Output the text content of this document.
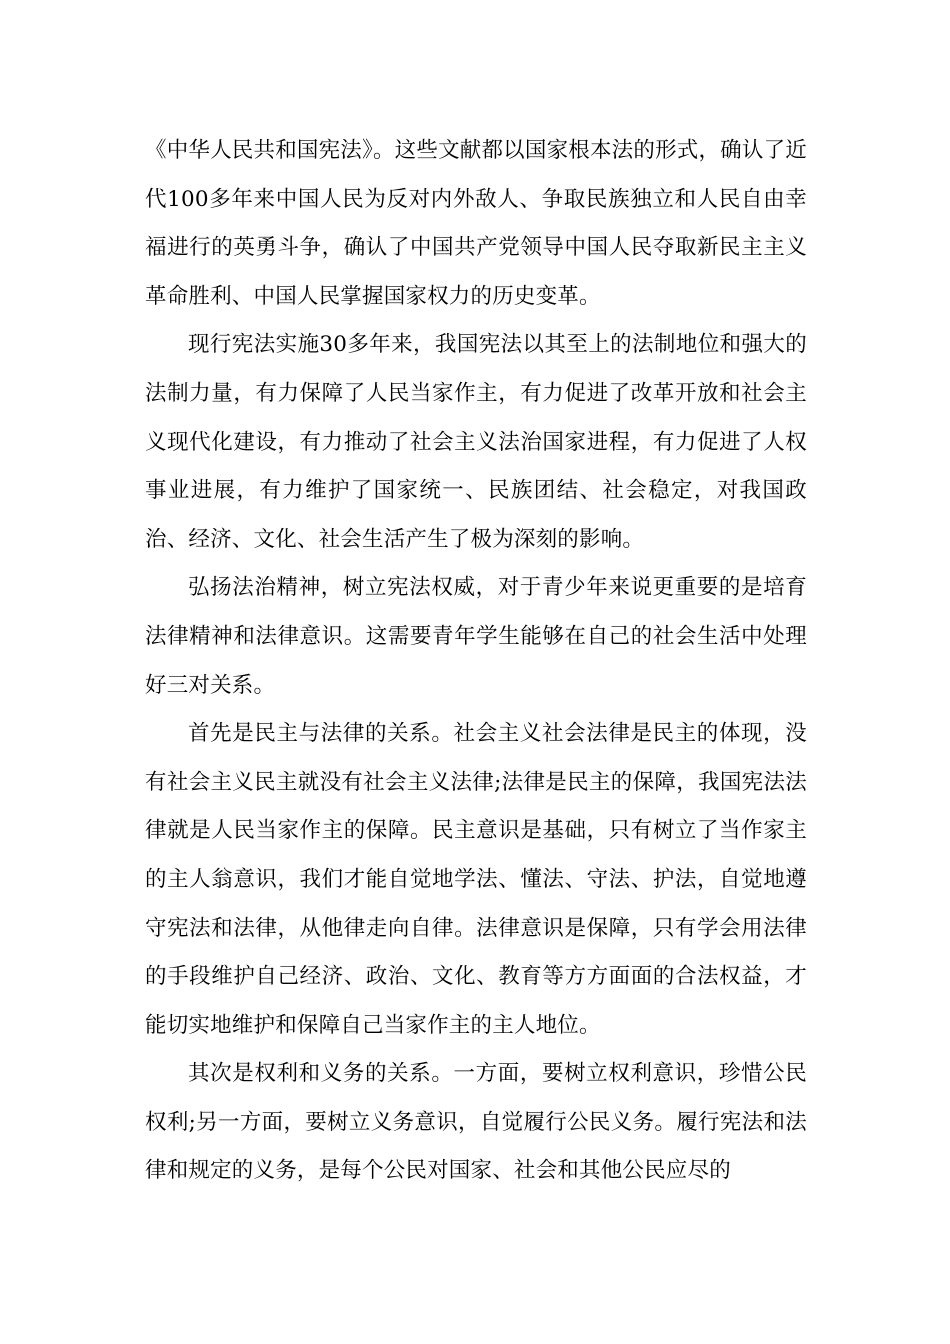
《中华人民共和国宪法》。这些文献都以国家根本法的形式，确认了近代100多年来中国人民为反对内外敌人、争取民族独立和人民自由幸福进行的英勇斗争，确认了中国共产党领导中国人民夺取新民主主义革命胜利、中国人民掌握国家权力的历史变革。

现行宪法实施30多年来，我国宪法以其至上的法制地位和强大的法制力量，有力保障了人民当家作主，有力促进了改革开放和社会主义现代化建设，有力推动了社会主义法治国家进程，有力促进了人权事业进展，有力维护了国家统一、民族团结、社会稳定，对我国政治、经济、文化、社会生活产生了极为深刻的影响。

弘扬法治精神，树立宪法权威，对于青少年来说更重要的是培育法律精神和法律意识。这需要青年学生能够在自己的社会生活中处理好三对关系。

首先是民主与法律的关系。社会主义社会法律是民主的体现，没有社会主义民主就没有社会主义法律;法律是民主的保障，我国宪法法律就是人民当家作主的保障。民主意识是基础，只有树立了当作家主的主人翁意识，我们才能自觉地学法、懂法、守法、护法，自觉地遵守宪法和法律，从他律走向自律。法律意识是保障，只有学会用法律的手段维护自己经济、政治、文化、教育等方方面面的合法权益，才能切实地维护和保障自己当家作主的主人地位。

其次是权利和义务的关系。一方面，要树立权利意识，珍惜公民权利;另一方面，要树立义务意识，自觉履行公民义务。履行宪法和法律和规定的义务，是每个公民对国家、社会和其他公民应尽的
